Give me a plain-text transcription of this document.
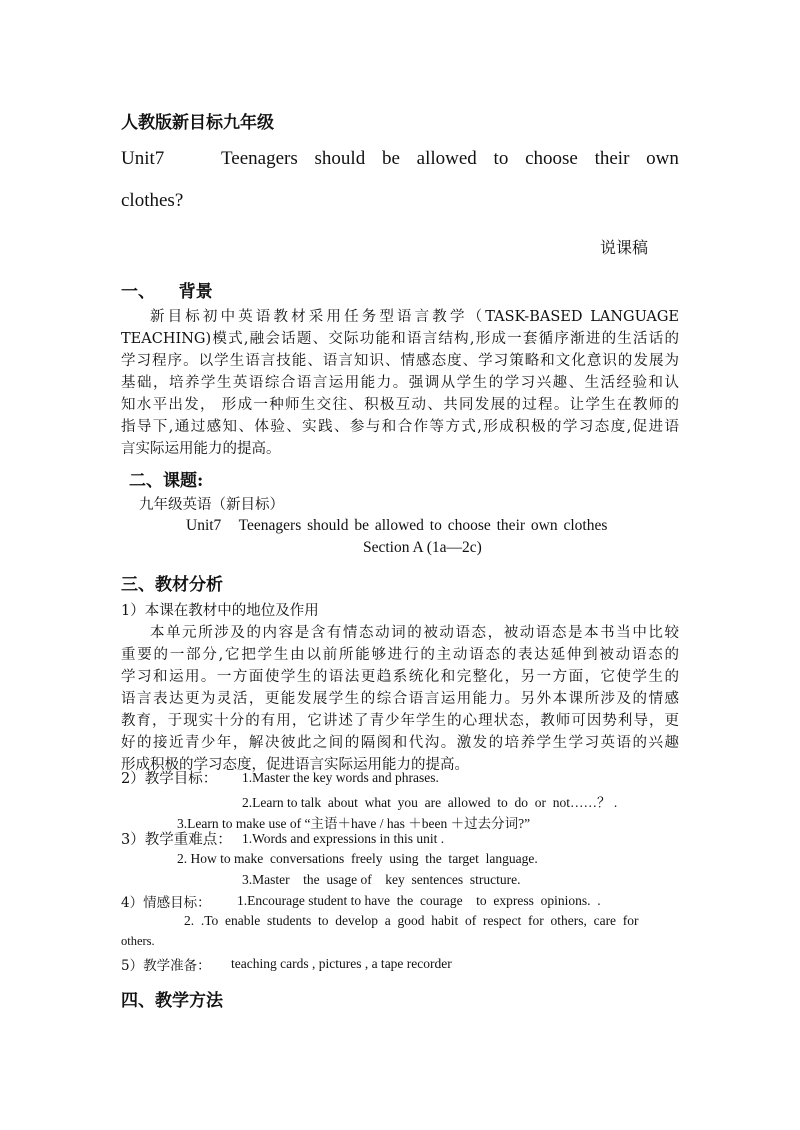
人教版新目标九年级
Unit7	Teenagers should be allowed to choose their own
clothes?
说课稿
一、    背景
新目标初中英语教材采用任务型语言教学（TASK-BASED LANGUAGE
TEACHING)模式,融会话题、交际功能和语言结构,形成一套循序渐进的生活话的
学习程序。以学生语言技能、语言知识、情感态度、学习策略和文化意识的发展为
基础，培养学生英语综合语言运用能力。强调从学生的学习兴趣、生活经验和认
知水平出发， 形成一种师生交往、积极互动、共同发展的过程。让学生在教师的
指导下,通过感知、体验、实践、参与和合作等方式,形成积极的学习态度,促进语
言实际运用能力的提高。
二、课题:
九年级英语（新目标）
Unit7   Teenagers should be allowed to choose their own clothes
Section A (1a—2c)
三、教材分析
1）本课在教材中的地位及作用
本单元所涉及的内容是含有情态动词的被动语态，被动语态是本书当中比较
重要的一部分,它把学生由以前所能够进行的主动语态的表达延伸到被动语态的
学习和运用。一方面使学生的语法更趋系统化和完整化，另一方面，它使学生的
语言表达更为灵活，更能发展学生的综合语言运用能力。另外本课所涉及的情感
教育，于现实十分的有用，它讲述了青少年学生的心理状态，教师可因势利导，更
好的接近青少年，解决彼此之间的隔阂和代沟。激发的培养学生学习英语的兴趣
形成积极的学习态度，促进语言实际运用能力的提高。
2）教学目标： 1.Master the key words and phrases.
2.Learn to talk  about  what  you  are  allowed  to  do  or  not……？ .
3.Learn to make use of “主语＋have / has ＋been ＋过去分词?”
3）教学重难点： 1.Words and expressions in this unit .
2. How to make  conversations  freely  using  the  target  language.
3.Master    the  usage of    key  sentences  structure.
4）情感目标： 1.Encourage student to have  the  courage    to  express  opinions.  .
2.  .To  enable  students  to  develop  a  good  habit  of  respect  for  others,  care  for
others.
5）教学准备： teaching cards , pictures , a tape recorder
四、教学方法
